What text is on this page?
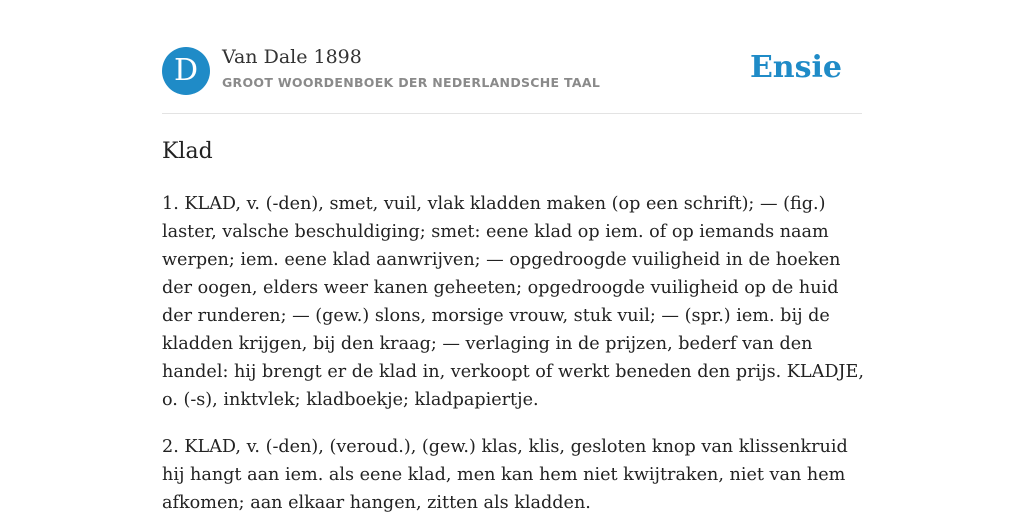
D	Van Dale 1898
GROOT WOORDENBOEK DER NEDERLANDSCHE TAAL	Ensie
Klad

1. KLAD, v. (-den), smet, vuil, vlak kladden maken (op een schrift); — (fig.) laster, valsche beschuldiging; smet: eene klad op iem. of op iemands naam werpen; iem. eene klad aanwrijven; — opgedroogde vuiligheid in de hoeken der oogen, elders weer kanen geheeten; opgedroogde vuiligheid op de huid der runderen; — (gew.) slons, morsige vrouw, stuk vuil; — (spr.) iem. bij de kladden krijgen, bij den kraag; — verlaging in de prijzen, bederf van den handel: hij brengt er de klad in, verkoopt of werkt beneden den prijs. KLADJE, o. (-s), inktvlek; kladboekje; kladpapiertje.

2. KLAD, v. (-den), (veroud.), (gew.) klas, klis, gesloten knop van klissenkruid hij hangt aan iem. als eene klad, men kan hem niet kwijtraken, niet van hem afkomen; aan elkaar hangen, zitten als kladden.
